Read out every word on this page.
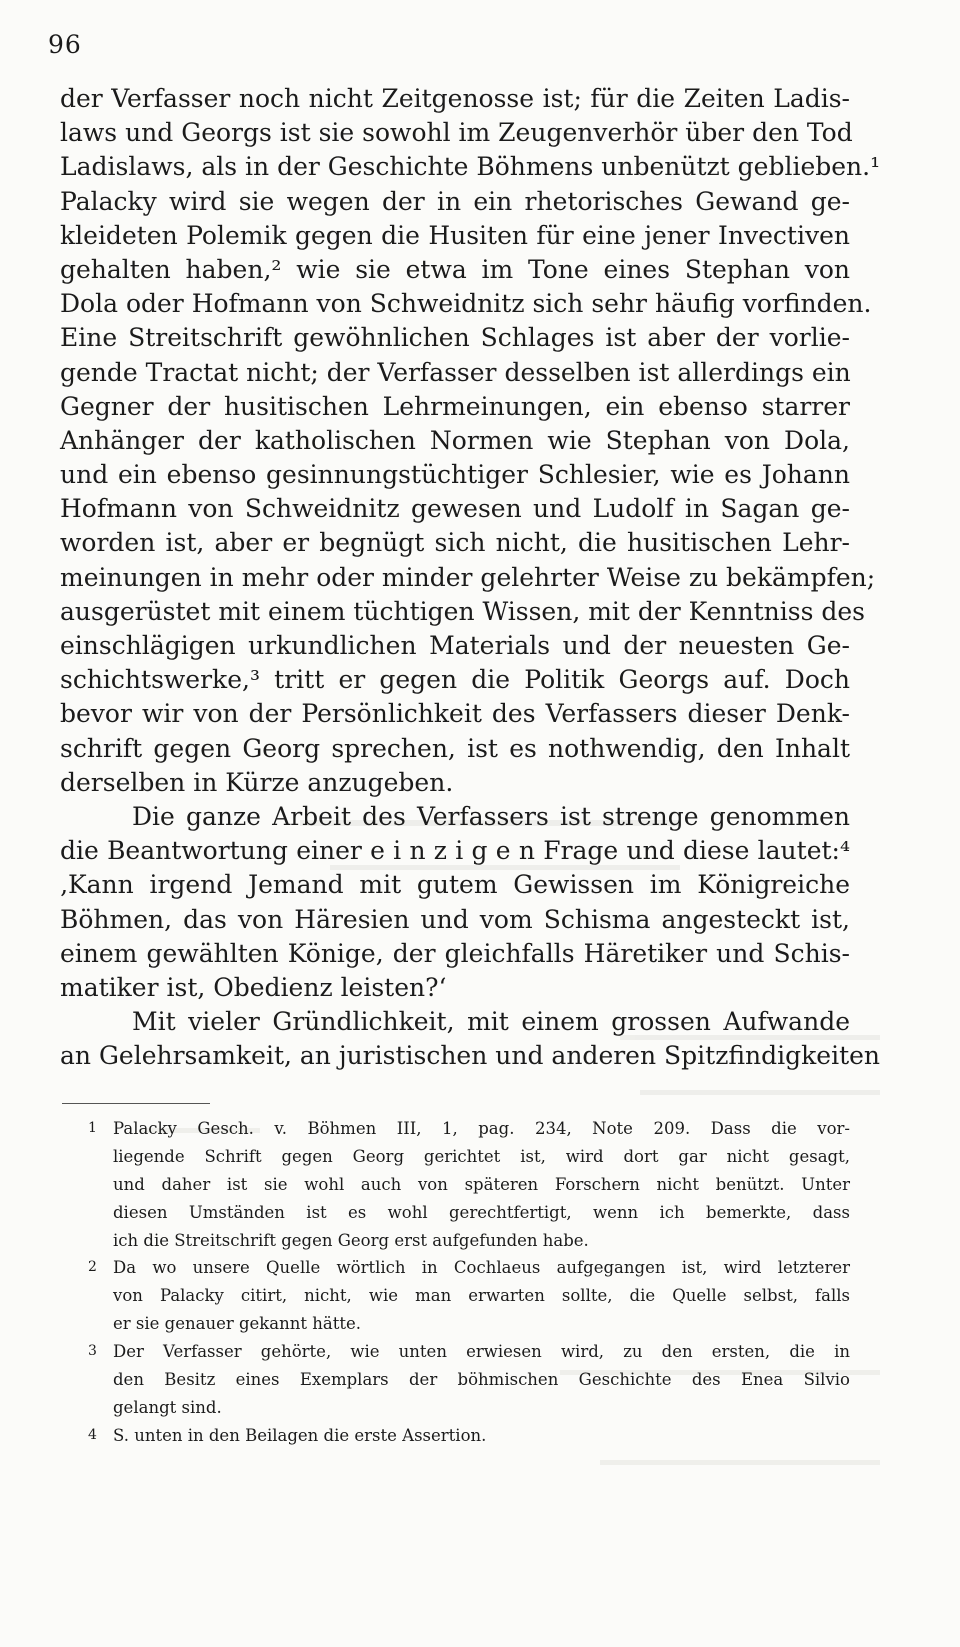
96
der Verfasser noch nicht Zeitgenosse ist; für die Zeiten Ladis-
laws und Georgs ist sie sowohl im Zeugenverhör über den Tod
Ladislaws, als in der Geschichte Böhmens unbenützt geblieben.¹
Palacky wird sie wegen der in ein rhetorisches Gewand ge-
kleideten Polemik gegen die Husiten für eine jener Invectiven
gehalten haben,² wie sie etwa im Tone eines Stephan von
Dola oder Hofmann von Schweidnitz sich sehr häufig vorfinden.
Eine Streitschrift gewöhnlichen Schlages ist aber der vorlie-
gende Tractat nicht; der Verfasser desselben ist allerdings ein
Gegner der husitischen Lehrmeinungen, ein ebenso starrer
Anhänger der katholischen Normen wie Stephan von Dola,
und ein ebenso gesinnungstüchtiger Schlesier, wie es Johann
Hofmann von Schweidnitz gewesen und Ludolf in Sagan ge-
worden ist, aber er begnügt sich nicht, die husitischen Lehr-
meinungen in mehr oder minder gelehrter Weise zu bekämpfen;
ausgerüstet mit einem tüchtigen Wissen, mit der Kenntniss des
einschlägigen urkundlichen Materials und der neuesten Ge-
schichtswerke,³ tritt er gegen die Politik Georgs auf. Doch
bevor wir von der Persönlichkeit des Verfassers dieser Denk-
schrift gegen Georg sprechen, ist es nothwendig, den Inhalt
derselben in Kürze anzugeben.
Die ganze Arbeit des Verfassers ist strenge genommen
die Beantwortung einer e i n z i g e n Frage und diese lautet:⁴
‚Kann irgend Jemand mit gutem Gewissen im Königreiche
Böhmen, das von Häresien und vom Schisma angesteckt ist,
einem gewählten Könige, der gleichfalls Häretiker und Schis-
matiker ist, Obedienz leisten?‘
Mit vieler Gründlichkeit, mit einem grossen Aufwande
an Gelehrsamkeit, an juristischen und anderen Spitzfindigkeiten
1 Palacky Gesch. v. Böhmen III, 1, pag. 234, Note 209. Dass die vor-
liegende Schrift gegen Georg gerichtet ist, wird dort gar nicht gesagt,
und daher ist sie wohl auch von späteren Forschern nicht benützt. Unter
diesen Umständen ist es wohl gerechtfertigt, wenn ich bemerkte, dass
ich die Streitschrift gegen Georg erst aufgefunden habe.
2 Da wo unsere Quelle wörtlich in Cochlaeus aufgegangen ist, wird letzterer
von Palacky citirt, nicht, wie man erwarten sollte, die Quelle selbst, falls
er sie genauer gekannt hätte.
3 Der Verfasser gehörte, wie unten erwiesen wird, zu den ersten, die in
den Besitz eines Exemplars der böhmischen Geschichte des Enea Silvio
gelangt sind.
4 S. unten in den Beilagen die erste Assertion.
